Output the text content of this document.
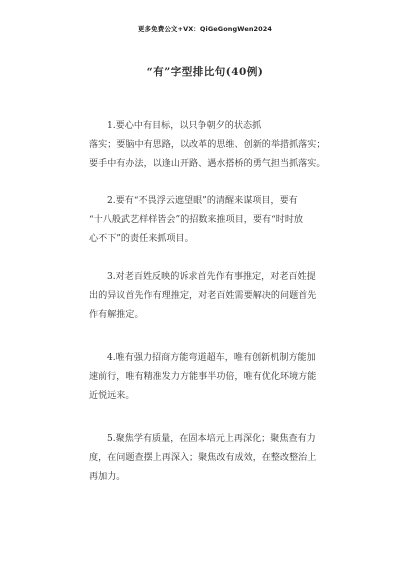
更多免费公文+VX：QiGeGongWen2024
“有”字型排比句(40例)
1.要心中有目标，以只争朝夕的状态抓
落实；要脑中有思路，以改革的思维、创新的举措抓落实；
要手中有办法，以逢山开路、遇水搭桥的勇气担当抓落实。
2.要有“不畏浮云遮望眼”的清醒来谋项目，要有
“十八般武艺样样皆会”的招数来推项目，要有“时时放
心不下”的责任来抓项目。
3.对老百姓反映的诉求首先作有事推定，对老百姓提
出的异议首先作有理推定，对老百姓需要解决的问题首先
作有解推定。
4.唯有强力招商方能弯道超车，唯有创新机制方能加
速前行，唯有精准发力方能事半功倍，唯有优化环境方能
近悦远来。
5.聚焦学有质量，在固本培元上再深化；聚焦查有力
度，在问题查摆上再深入；聚焦改有成效，在整改整治上
再加力。
